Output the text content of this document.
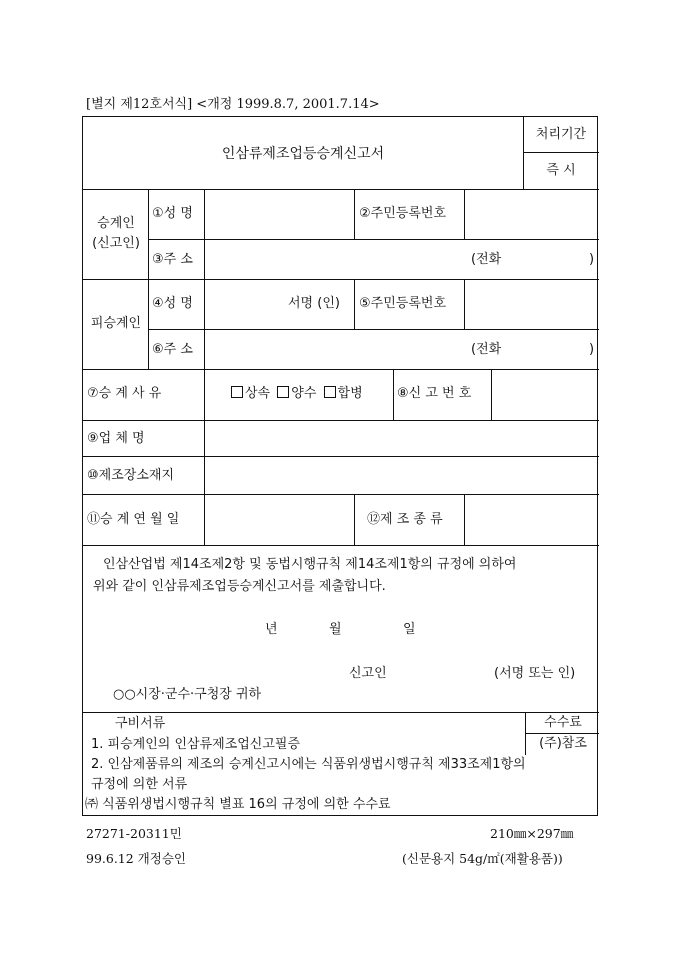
[별지 제12호서식] <개정 1999.8.7, 2001.7.14>
인삼류제조업등승계신고서
처리기간
즉 시
승계인
(신고인)
①성 명	②주민등록번호
③주 소	(전화	)
피승계인
④성 명	서명 (인) ⑤주민등록번호
⑥주 소	(전화	)
⑦승 계 사 유	상속 양수 합병	⑧신 고 번 호
⑨업 체 명
⑩제조장소재지
⑪승 계 연 월 일	⑫제 조 종 류
인삼산업법 제14조제2항 및 동법시행규칙 제14조제1항의 규정에 의하여
위와 같이 인삼류제조업등승계신고서를 제출합니다.
년	월	일
신고인	(서명 또는 인)
○○시장·군수·구청장 귀하
구비서류
1. 피승계인의 인삼류제조업신고필증
2. 인삼제품류의 제조의 승계신고시에는 식품위생법시행규칙 제33조제1항의
규정에 의한 서류
㈜ 식품위생법시행규칙 별표 16의 규정에 의한 수수료
수수료
(주)참조
27271-20311민	210㎜×297㎜
99.6.12 개정승인	(신문용지 54g/㎡(재활용품))
